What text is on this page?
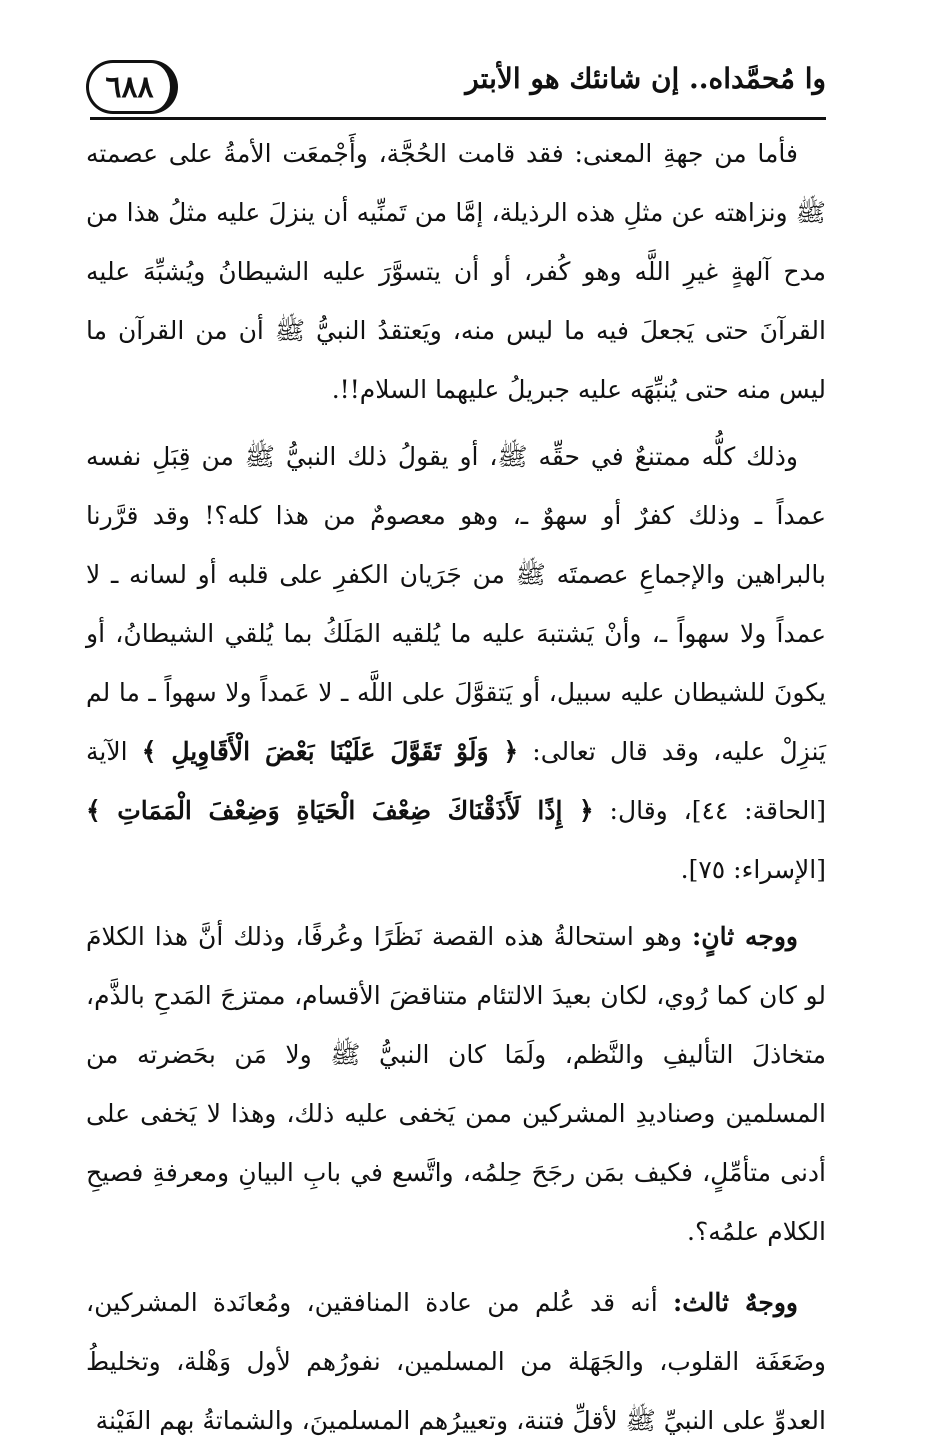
٦٨٨	وا مُحمَّداه.. إن شانئك هو الأبتر

فأما من جهةِ المعنى: فقد قامت الحُجَّة، وأَجْمعَت الأمةُ على عصمته ﷺ ونزاهته عن مثلِ هذه الرذيلة، إمَّا من تَمنِّيه أن ينزلَ عليه مثلُ هذا من مدح آلهةٍ غيرِ اللَّه وهو كُفر، أو أن يتسوَّرَ عليه الشيطانُ ويُشبِّهَ عليه القرآنَ حتى يَجعلَ فيه ما ليس منه، ويَعتقدُ النبيُّ ﷺ أن من القرآن ما ليس منه حتى يُنبِّهَه عليه جبريلُ عليهما السلام!!.

وذلك كلُّه ممتنعٌ في حقِّه ﷺ، أو يقولُ ذلك النبيُّ ﷺ من قِبَلِ نفسه عمداً ـ وذلك كفرٌ أو سهوٌ ـ، وهو معصومٌ من هذا كله؟! وقد قرَّرنا بالبراهين والإجماعِ عصمتَه ﷺ من جَرَيان الكفرِ على قلبه أو لسانه ـ لا عمداً ولا سهواً ـ، وأنْ يَشتبهَ عليه ما يُلقيه المَلَكُ بما يُلقي الشيطانُ، أو يكونَ للشيطان عليه سبيل، أو يَتقوَّلَ على اللَّه ـ لا عَمداً ولا سهواً ـ ما لم يَنزِلْ عليه، وقد قال تعالى: ﴿ وَلَوْ تَقَوَّلَ عَلَيْنَا بَعْضَ الْأَقَاوِيلِ ﴾ الآية [الحاقة: ٤٤]، وقال: ﴿ إِذًا لَأَذَقْنَاكَ ضِعْفَ الْحَيَاةِ وَضِعْفَ الْمَمَاتِ ﴾ [الإسراء: ٧٥].

ووجه ثانٍ: وهو استحالةُ هذه القصة نَظَرًا وعُرفًا، وذلك أنَّ هذا الكلامَ لو كان كما رُوي، لكان بعيدَ الالتئام متناقضَ الأقسام، ممتزجَ المَدحِ بالذَّم، متخاذلَ التأليفِ والنَّظم، ولَمَا كان النبيُّ ﷺ ولا مَن بحَضرته من المسلمين وصناديدِ المشركين ممن يَخفى عليه ذلك، وهذا لا يَخفى على أدنى متأمِّلٍ، فكيف بمَن رجَحَ حِلمُه، واتَّسع في بابِ البيانِ ومعرفةِ فصيحِ الكلام علمُه؟.

ووجهٌ ثالث: أنه قد عُلم من عادة المنافقين، ومُعانَدة المشركين، وضَعَفَة القلوب، والجَهَلة من المسلمين، نفورُهم لأول وَهْلة، وتخليطُ العدوِّ على النبيِّ ﷺ لأقلِّ فتنة، وتعييرُهم المسلمينَ، والشماتةُ بهم الفَيْنة
